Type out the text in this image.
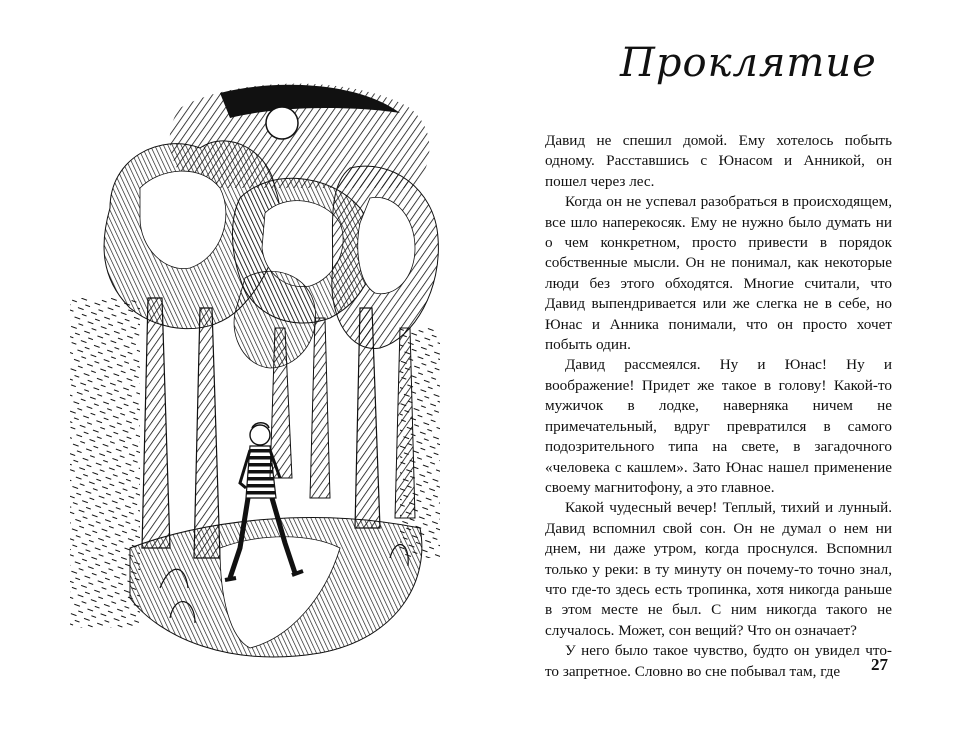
Проклятие

Давид не спешил домой. Ему хотелось побыть одному. Расставшись с Юнасом и Анникой, он пошел через лес.

Когда он не успевал разобраться в происходящем, все шло наперекосяк. Ему не нужно было думать ни о чем конкретном, просто привести в порядок собственные мысли. Он не понимал, как некоторые люди без этого обходятся. Многие считали, что Давид выпендривается или же слегка не в себе, но Юнас и Анника понимали, что он просто хочет побыть один.

Давид рассмеялся. Ну и Юнас! Ну и воображение! Придет же такое в голову! Какой-то мужичок в лодке, наверняка ничем не примечательный, вдруг превратился в самого подозрительного типа на свете, в загадочного «человека с кашлем». Зато Юнас нашел применение своему магнитофону, а это главное.

Какой чудесный вечер! Теплый, тихий и лунный. Давид вспомнил свой сон. Он не думал о нем ни днем, ни даже утром, когда проснулся. Вспомнил только у реки: в ту минуту он почему-то точно знал, что где-то здесь есть тропинка, хотя никогда раньше в этом месте не был. С ним никогда такого не случалось. Может, сон вещий? Что он означает?

У него было такое чувство, будто он увидел что-то запретное. Словно во сне побывал там, где	27
